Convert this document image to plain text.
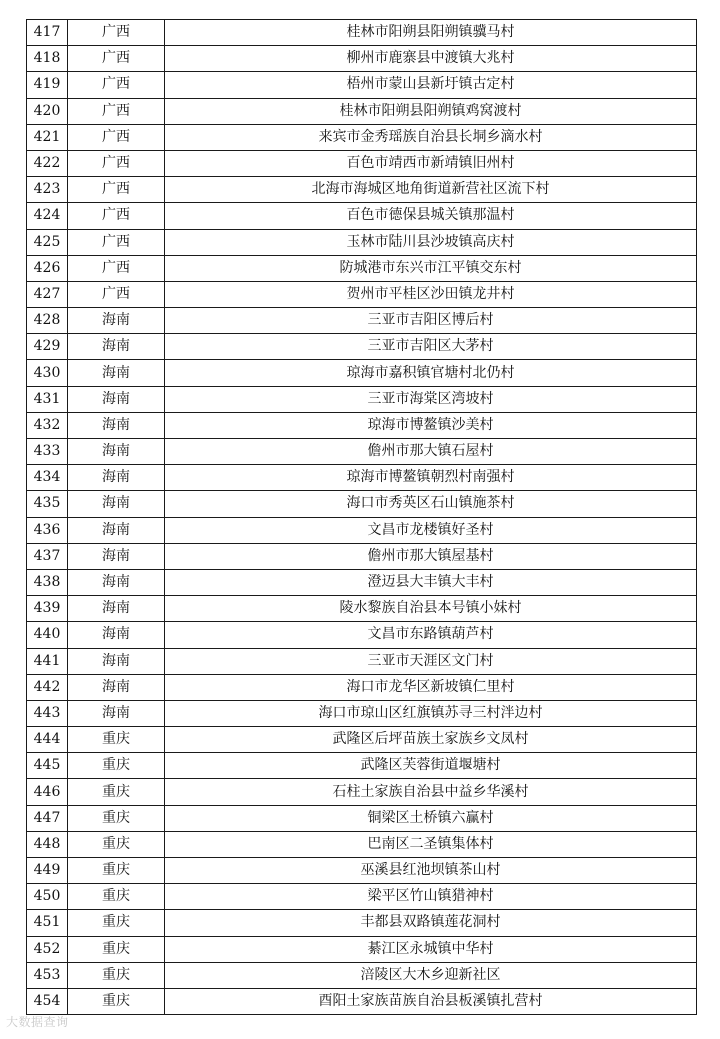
417	广西	桂林市阳朔县阳朔镇骥马村
418	广西	柳州市鹿寨县中渡镇大兆村
419	广西	梧州市蒙山县新圩镇古定村
420	广西	桂林市阳朔县阳朔镇鸡窝渡村
421	广西	来宾市金秀瑶族自治县长垌乡滴水村
422	广西	百色市靖西市新靖镇旧州村
423	广西	北海市海城区地角街道新营社区流下村
424	广西	百色市德保县城关镇那温村
425	广西	玉林市陆川县沙坡镇高庆村
426	广西	防城港市东兴市江平镇交东村
427	广西	贺州市平桂区沙田镇龙井村
428	海南	三亚市吉阳区博后村
429	海南	三亚市吉阳区大茅村
430	海南	琼海市嘉积镇官塘村北仍村
431	海南	三亚市海棠区湾坡村
432	海南	琼海市博鳌镇沙美村
433	海南	儋州市那大镇石屋村
434	海南	琼海市博鳌镇朝烈村南强村
435	海南	海口市秀英区石山镇施茶村
436	海南	文昌市龙楼镇好圣村
437	海南	儋州市那大镇屋基村
438	海南	澄迈县大丰镇大丰村
439	海南	陵水黎族自治县本号镇小妹村
440	海南	文昌市东路镇葫芦村
441	海南	三亚市天涯区文门村
442	海南	海口市龙华区新坡镇仁里村
443	海南	海口市琼山区红旗镇苏寻三村泮边村
444	重庆	武隆区后坪苗族土家族乡文凤村
445	重庆	武隆区芙蓉街道堰塘村
446	重庆	石柱土家族自治县中益乡华溪村
447	重庆	铜梁区土桥镇六赢村
448	重庆	巴南区二圣镇集体村
449	重庆	巫溪县红池坝镇茶山村
450	重庆	梁平区竹山镇猎神村
451	重庆	丰都县双路镇莲花洞村
452	重庆	綦江区永城镇中华村
453	重庆	涪陵区大木乡迎新社区
454	重庆	酉阳土家族苗族自治县板溪镇扎营村
大数据查询
